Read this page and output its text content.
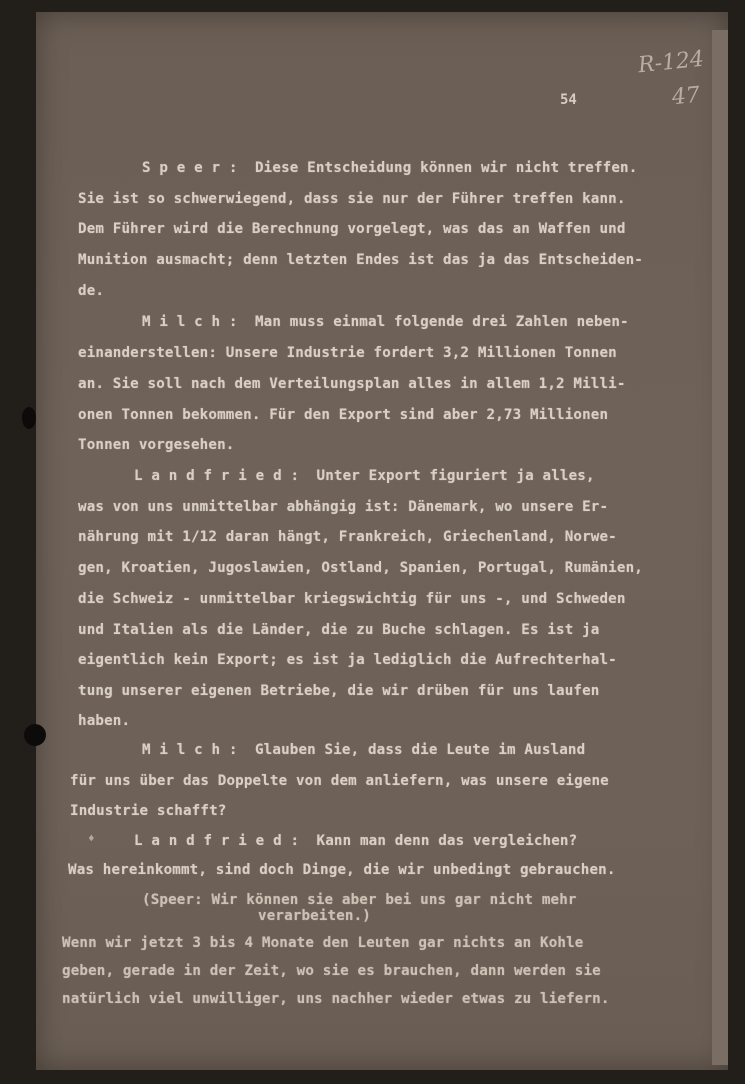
R-124
47
54
♦
S p e e r :  Diese Entscheidung können wir nicht treffen.
Sie ist so schwerwiegend, dass sie nur der Führer treffen kann.
Dem Führer wird die Berechnung vorgelegt, was das an Waffen und
Munition ausmacht; denn letzten Endes ist das ja das Entscheiden-
de.
M i l c h :  Man muss einmal folgende drei Zahlen neben-
einanderstellen: Unsere Industrie fordert 3,2 Millionen Tonnen
an. Sie soll nach dem Verteilungsplan alles in allem 1,2 Milli-
onen Tonnen bekommen. Für den Export sind aber 2,73 Millionen
Tonnen vorgesehen.
L a n d f r i e d :  Unter Export figuriert ja alles,
was von uns unmittelbar abhängig ist: Dänemark, wo unsere Er-
nährung mit 1/12 daran hängt, Frankreich, Griechenland, Norwe-
gen, Kroatien, Jugoslawien, Ostland, Spanien, Portugal, Rumänien,
die Schweiz - unmittelbar kriegswichtig für uns -, und Schweden
und Italien als die Länder, die zu Buche schlagen. Es ist ja
eigentlich kein Export; es ist ja lediglich die Aufrechterhal-
tung unserer eigenen Betriebe, die wir drüben für uns laufen
haben.
M i l c h :  Glauben Sie, dass die Leute im Ausland
für uns über das Doppelte von dem anliefern, was unsere eigene
Industrie schafft?
L a n d f r i e d :  Kann man denn das vergleichen?
Was hereinkommt, sind doch Dinge, die wir unbedingt gebrauchen.
(Speer: Wir können sie aber bei uns gar nicht mehr
verarbeiten.)
Wenn wir jetzt 3 bis 4 Monate den Leuten gar nichts an Kohle
geben, gerade in der Zeit, wo sie es brauchen, dann werden sie
natürlich viel unwilliger, uns nachher wieder etwas zu liefern.
